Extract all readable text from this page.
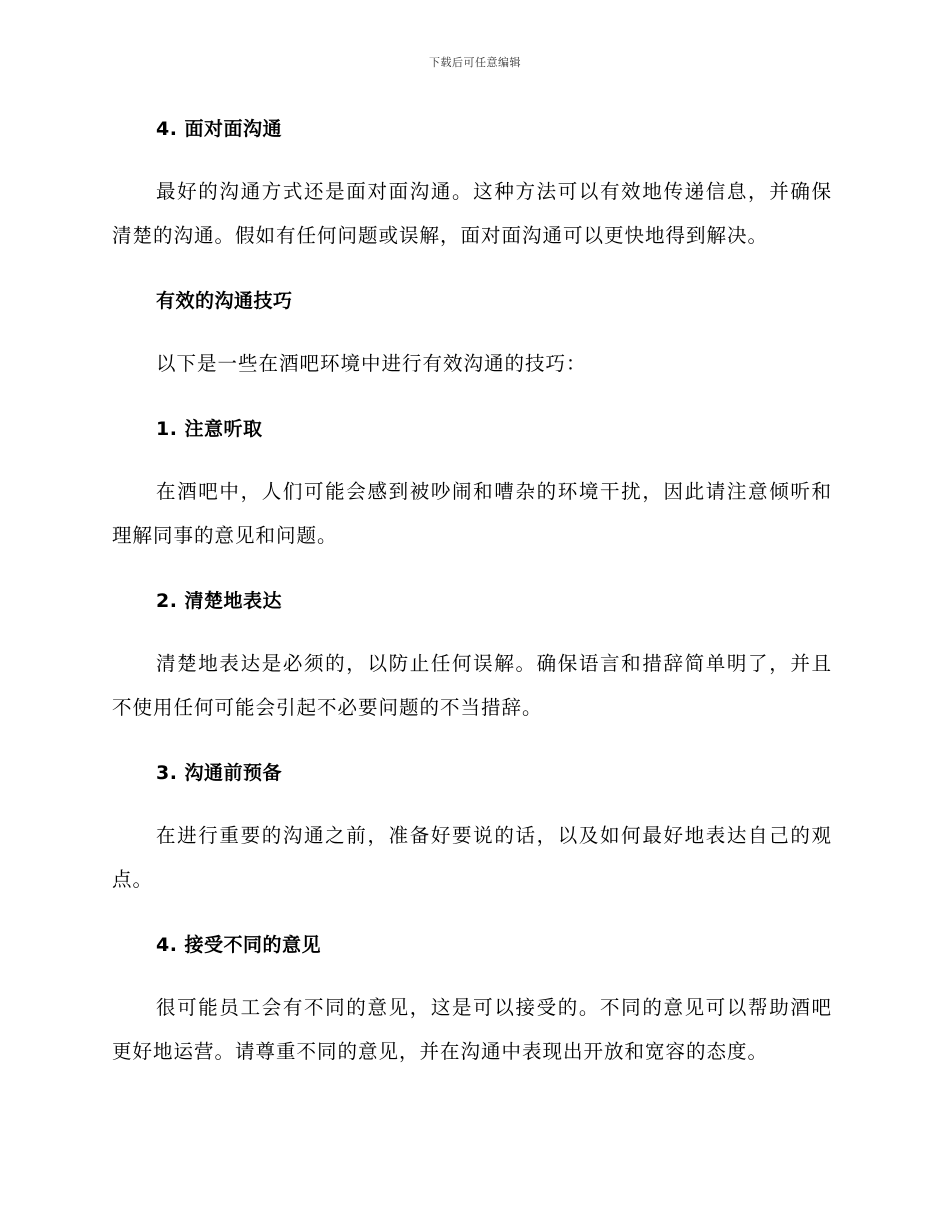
下载后可任意编辑
4. 面对面沟通

最好的沟通方式还是面对面沟通。这种方法可以有效地传递信息，并确保清楚的沟通。假如有任何问题或误解，面对面沟通可以更快地得到解决。

有效的沟通技巧

以下是一些在酒吧环境中进行有效沟通的技巧：

1. 注意听取

在酒吧中，人们可能会感到被吵闹和嘈杂的环境干扰，因此请注意倾听和理解同事的意见和问题。

2. 清楚地表达

清楚地表达是必须的，以防止任何误解。确保语言和措辞简单明了，并且不使用任何可能会引起不必要问题的不当措辞。

3. 沟通前预备

在进行重要的沟通之前，准备好要说的话，以及如何最好地表达自己的观点。

4. 接受不同的意见

很可能员工会有不同的意见，这是可以接受的。不同的意见可以帮助酒吧更好地运营。请尊重不同的意见，并在沟通中表现出开放和宽容的态度。
